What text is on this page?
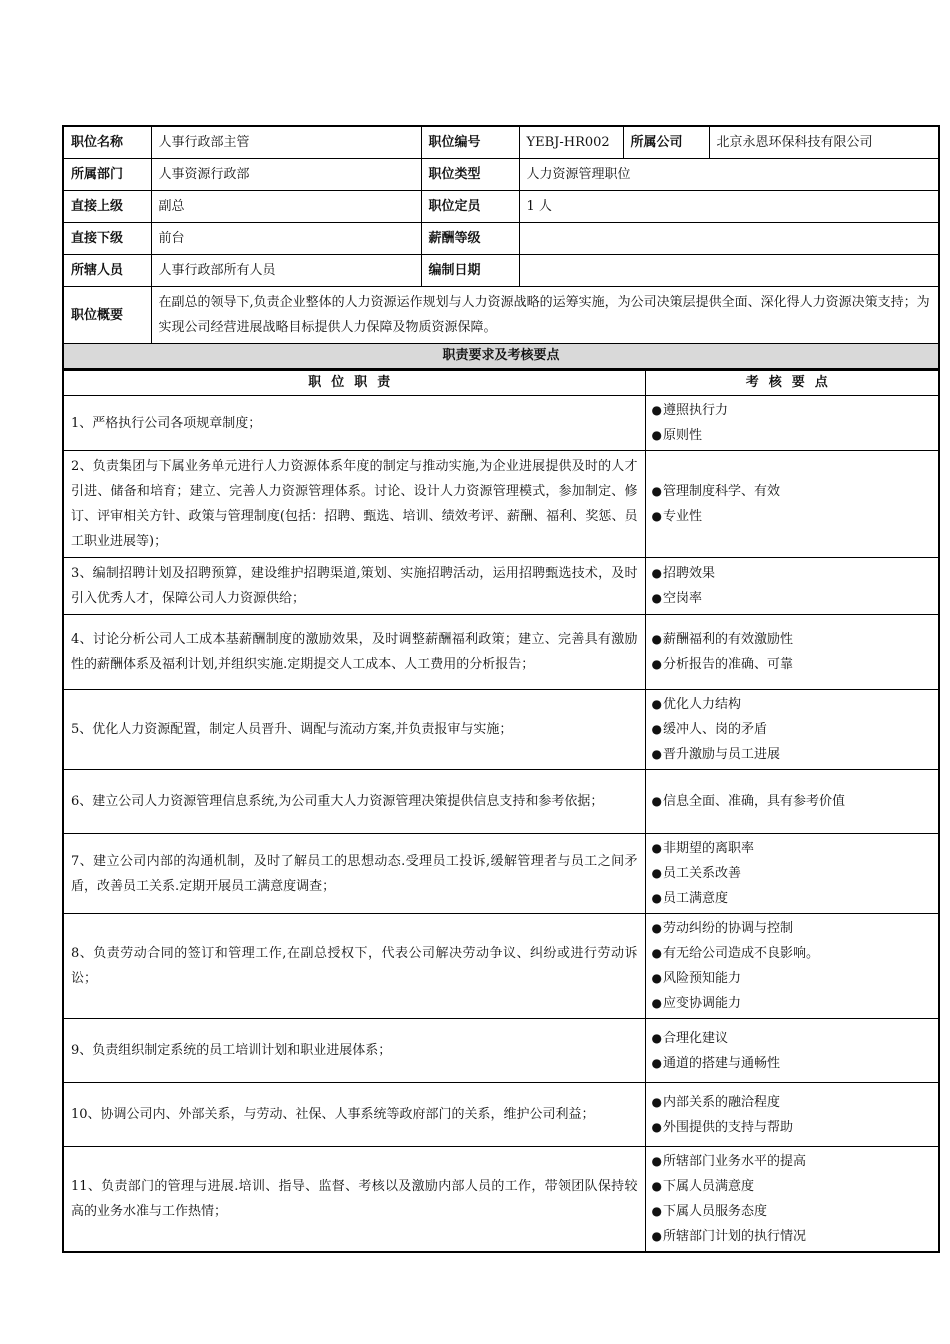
职位名称	人事行政部主管	职位编号	YEBJ-HR002	所属公司	北京永恩环保科技有限公司
所属部门	人事资源行政部	职位类型	人力资源管理职位		
直接上级	副总	职位定员	1 人		
直接下级	前台	薪酬等级			
所辖人员	人事行政部所有人员	编制日期			
职位概要	在副总的领导下,负责企业整体的人力资源运作规划与人力资源战略的运筹实施，为公司决策层提供全面、深化得人力资源决策支持；为实现公司经营进展战略目标提供人力保障及物质资源保障。				
职责要求及考核要点					
职位职责	考核要点
1、严格执行公司各项规章制度；	●遵照执行力
●原则性

2、负责集团与下属业务单元进行人力资源体系年度的制定与推动实施,为企业进展提供及时的人才引进、储备和培育；建立、完善人力资源管理体系。讨论、设计人力资源管理模式，参加制定、修订、评审相关方针、政策与管理制度(包括：招聘、甄选、培训、绩效考评、薪酬、福利、奖惩、员工职业进展等)；	●管理制度科学、有效
●专业性

3、编制招聘计划及招聘预算，建设维护招聘渠道,策划、实施招聘活动，运用招聘甄选技术，及时引入优秀人才，保障公司人力资源供给；	●招聘效果
●空岗率

4、讨论分析公司人工成本基薪酬制度的激励效果，及时调整薪酬福利政策；建立、完善具有激励性的薪酬体系及福利计划,并组织实施.定期提交人工成本、人工费用的分析报告；	●薪酬福利的有效激励性
●分析报告的准确、可靠

5、优化人力资源配置，制定人员晋升、调配与流动方案,并负责报审与实施；	●优化人力结构
●缓冲人、岗的矛盾
●晋升激励与员工进展

6、建立公司人力资源管理信息系统,为公司重大人力资源管理决策提供信息支持和参考依据；	●信息全面、准确，具有参考价值

7、建立公司内部的沟通机制，及时了解员工的思想动态.受理员工投诉,缓解管理者与员工之间矛盾，改善员工关系.定期开展员工满意度调查；	●非期望的离职率
●员工关系改善
●员工满意度

8、负责劳动合同的签订和管理工作,在副总授权下，代表公司解决劳动争议、纠纷或进行劳动诉讼；	●劳动纠纷的协调与控制
●有无给公司造成不良影响。
●风险预知能力
●应变协调能力

9、负责组织制定系统的员工培训计划和职业进展体系；	●合理化建议
●通道的搭建与通畅性

10、协调公司内、外部关系，与劳动、社保、人事系统等政府部门的关系，维护公司利益；	●内部关系的融洽程度
●外围提供的支持与帮助

11、负责部门的管理与进展.培训、指导、监督、考核以及激励内部人员的工作，带领团队保持较高的业务水准与工作热情；	●所辖部门业务水平的提高
●下属人员满意度
●下属人员服务态度
●所辖部门计划的执行情况
